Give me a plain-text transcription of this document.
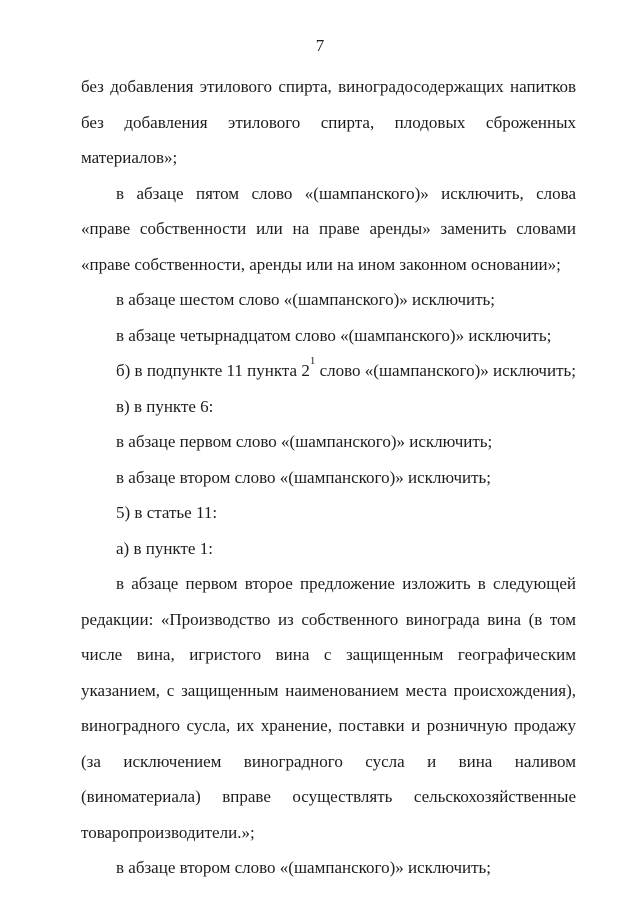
7

без добавления этилового спирта, виноградосодержащих напитков без добавления этилового спирта, плодовых сброженных материалов»;

в абзаце пятом слово «(шампанского)» исключить, слова «праве собственности или на праве аренды» заменить словами «праве собственности, аренды или на ином законном основании»;

в абзаце шестом слово «(шампанского)» исключить;

в абзаце четырнадцатом слово «(шампанского)» исключить;

б) в подпункте 11 пункта $2^1$ слово «(шампанского)» исключить;

в) в пункте 6:

в абзаце первом слово «(шампанского)» исключить;

в абзаце втором слово «(шампанского)» исключить;

5) в статье 11:

а) в пункте 1:

в абзаце первом второе предложение изложить в следующей редакции: «Производство из собственного винограда вина (в том числе вина, игристого вина с защищенным географическим указанием, с защищенным наименованием места происхождения), виноградного сусла, их хранение, поставки и розничную продажу (за исключением виноградного сусла и вина наливом (виноматериала) вправе осуществлять сельскохозяйственные товаропроизводители.»;

в абзаце втором слово «(шампанского)» исключить;
